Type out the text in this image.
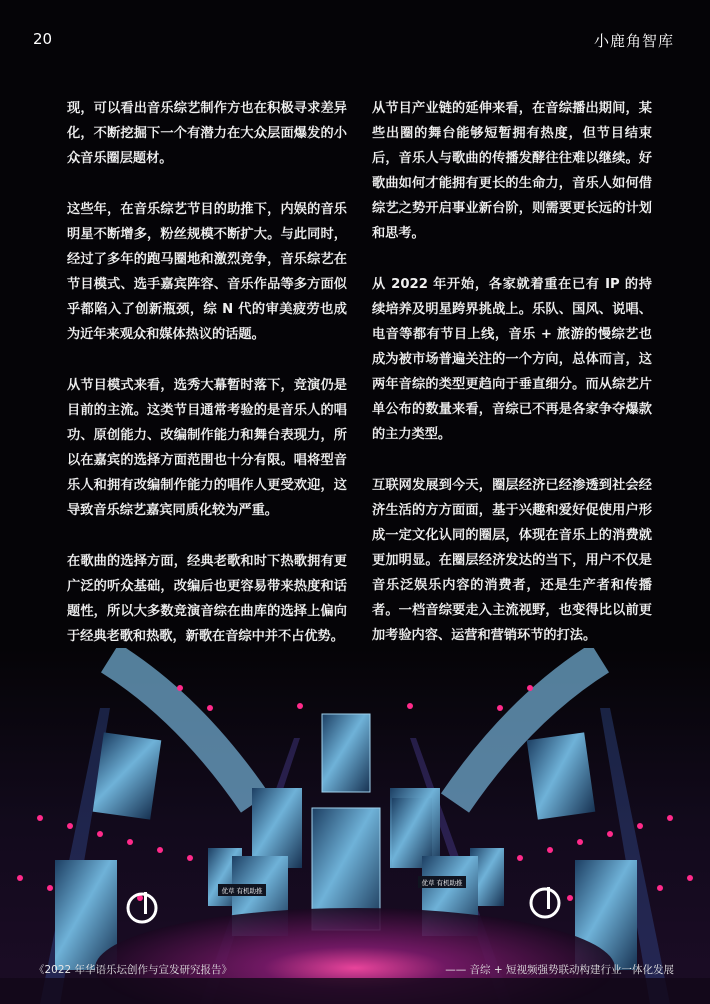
20	小鹿角智库

现，可以看出音乐综艺制作方也在积极寻求差异化，不断挖掘下一个有潜力在大众层面爆发的小众音乐圈层题材。

这些年，在音乐综艺节目的助推下，内娱的音乐明星不断增多，粉丝规模不断扩大。与此同时，经过了多年的跑马圈地和激烈竞争，音乐综艺在节目模式、选手嘉宾阵容、音乐作品等多方面似乎都陷入了创新瓶颈，综 N 代的审美疲劳也成为近年来观众和媒体热议的话题。

从节目模式来看，选秀大幕暂时落下，竞演仍是目前的主流。这类节目通常考验的是音乐人的唱功、原创能力、改编制作能力和舞台表现力，所以在嘉宾的选择方面范围也十分有限。唱将型音乐人和拥有改编制作能力的唱作人更受欢迎，这导致音乐综艺嘉宾同质化较为严重。

在歌曲的选择方面，经典老歌和时下热歌拥有更广泛的听众基础，改编后也更容易带来热度和话题性，所以大多数竞演音综在曲库的选择上偏向于经典老歌和热歌，新歌在音综中并不占优势。

从节目产业链的延伸来看，在音综播出期间，某些出圈的舞台能够短暂拥有热度，但节目结束后，音乐人与歌曲的传播发酵往往难以继续。好歌曲如何才能拥有更长的生命力，音乐人如何借综艺之势开启事业新台阶，则需要更长远的计划和思考。

从 2022 年开始，各家就着重在已有 IP 的持续培养及明星跨界挑战上。乐队、国风、说唱、电音等都有节目上线，音乐 + 旅游的慢综艺也成为被市场普遍关注的一个方向，总体而言，这两年音综的类型更趋向于垂直细分。而从综艺片单公布的数量来看，音综已不再是各家争夺爆款的主力类型。

互联网发展到今天，圈层经济已经渗透到社会经济生活的方方面面，基于兴趣和爱好促使用户形成一定文化认同的圈层，体现在音乐上的消费就更加明显。在圈层经济发达的当下，用户不仅是音乐泛娱乐内容的消费者，还是生产者和传播者。一档音综要走入主流视野，也变得比以前更加考验内容、运营和营销环节的打法。

优草 有机助推
优草 有机助推
《2022 年华语乐坛创作与宣发研究报告》	—— 音综 + 短视频强势联动构建行业一体化发展
